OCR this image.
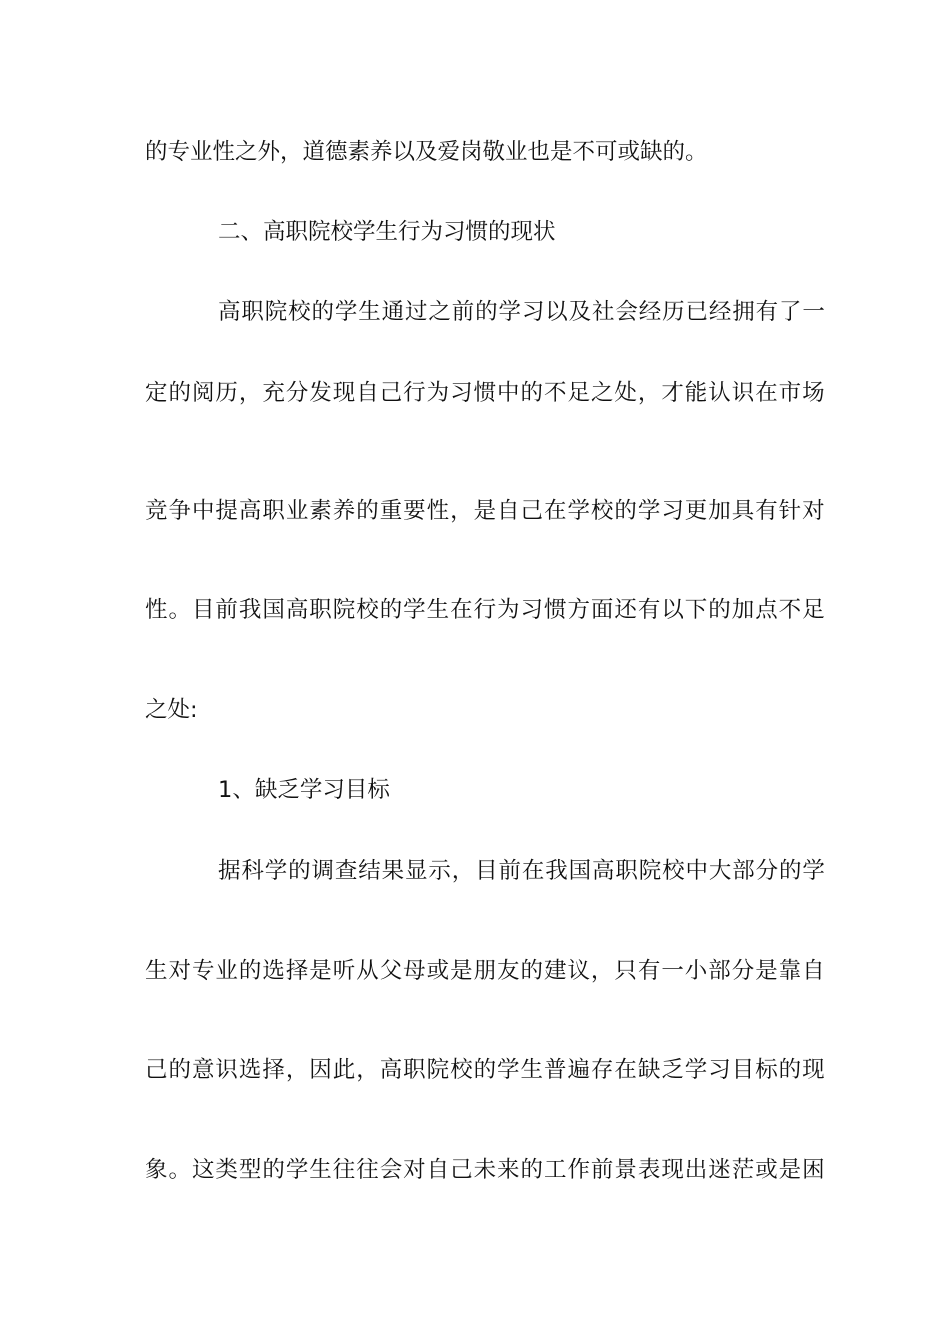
的专业性之外，道德素养以及爱岗敬业也是不可或缺的。
二、高职院校学生行为习惯的现状
高 职 院 校 的 学 生 通 过 之 前 的 学 习 以 及 社 会 经 历 已 经 拥 有 了 一
定 的 阅 历 ， 充 分 发 现 自 己 行 为 习 惯 中 的 不 足 之 处 ， 才 能 认 识 在 市 场
竞 争 中 提 高 职 业 素 养 的 重 要 性 ， 是 自 己 在 学 校 的 学 习 更 加 具 有 针 对
性 。 目 前 我 国 高 职 院 校 的 学 生 在 行 为 习 惯 方 面 还 有 以 下 的 加 点 不 足
之处:
1、缺乏学习目标
据 科 学 的 调 查 结 果 显 示 ， 目 前 在 我 国 高 职 院 校 中 大 部 分 的 学
生 对 专 业 的 选 择 是 听 从 父 母 或 是 朋 友 的 建 议 ， 只 有 一 小 部 分 是 靠 自
己 的 意 识 选 择 ， 因 此 ， 高 职 院 校 的 学 生 普 遍 存 在 缺 乏 学 习 目 标 的 现
象 。 这 类 型 的 学 生 往 往 会 对 自 己 未 来 的 工 作 前 景 表 现 出 迷 茫 或 是 困
